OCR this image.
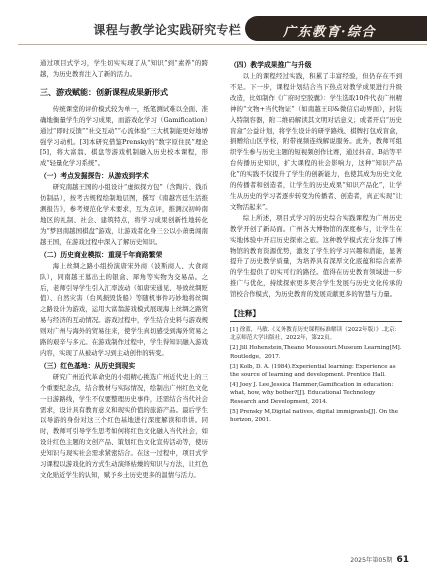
课程与教学论实践研究专栏	广东教育·综合

通过项目式学习，学生切实实现了从“知识”到“素养”的跨越，为历史教育注入了新的活力。

三、游戏赋能：创新课程成果新形式

传统课堂的评价模式较为单一，纸笔测试难以全面、准确地衡量学生的学习成果，而游戏化学习（Gamification）通过“即时反馈”“社交互动”“心流体验”三大机制能更好地增强学习动机。[3]本研究借鉴Prensky的“数字原住民”理论[5]，将大富翁、棋盘等游戏机制融入历史校本课程，形成“轻量化学习系统”。

（一）考点发掘探告：从游戏到学术

研究南越王国的小组设计“虚拟探方包”（含陶片、钱币仿制品），按考古规程绘制地层图，撰写《南越宫廷生活推测报告》，参考规范化学术要求，互为点评，推测汉初岭南地区的礼制、社会、建筑特点，将学习成果创新性地转化为“梦回南越国棋盘”游戏，让游戏者化身三公以小萧勇闯南越王国，在游戏过程中深入了解历史知识。

（二）历史商业模拟：重现千年商路繁荣

海上丝绸之路小组扮演唐宋外商（波斯商人、大食商队），同南越王墓出土的银盒、犀角等实物为交易品。之后，老师引导学生引入汇率波动（如唐宋通见、导致丝绸贬值）、自然灾害（台风损毁货船）等随机事件巧妙地将丝绸之路设计为游戏，运用大富翁游戏模式展现海上丝绸之路贸易与经济的互动情况。游戏过程中，学生结合史料与游戏规则对广州与海外的贸易往来，使学生真切感受到海外贸易之路的艰辛与多元。在游戏制作过程中，学生得知识融入游戏内容，实现了从被动学习到主动创作的转变。

（三）红色基地：从历史到现实

研究广州近代革命史的小组精心挑选广州近代史上的三个重要纪念点，结合教材与实际情况，绘制出广州红色文化一日游路线，学生不仅要整理历史事件，还需结合当代社会需求，设计具有教育意义和现实价值的旅游产品。最后学生以导游的身份对这三个红色基地进行深度解读和串讲。同时，教师可引导学生思考如何将红色文化融入当代社会，如设计红色主题的文创产品、策划红色文化宣传活动等，使历史知识与现实社会需求紧密结合。在这一过程中，项目式学习课程以游戏化的方式生动演绎枯燥的知识与方法，让红色文化贴近学生的认知，赋予乡土历史更多的温情与活力。

（四）教学成果推广与升级

以上的课程经过实践，积累了丰富经验，但仍存在不到不足。下一步，课程计划结合当下热点对教学成果进行升级改造，比如制作《广府时空胶囊》：学生选取10件代表广州精神的“文物+当代物证”（如南越王印&微信启动界面），封装入特制容器，附二维码解读其文明对话意义；或者开启“历史盲盒”公益计划，将学生设计的研学路线、棋牌打包成盲盒，捐赠给山区学校，附带视频连线解说服务。此外，教师可组织学生参与历史主题的短视频创作比赛，通过抖音、B站等平台传播历史知识，扩大课程的社会影响力，这种“知识产品化”的实践不仅提升了学生的创新能力，也使其成为历史文化的传播者和创造者，让学生的历史成果“知识产品化”，让学生从历史的学习者逐步转变为传播者、创造者，真正实现“让文物活起来”。

综上所述，项目式学习的历史综合实践课程为广州历史教学开创了新局面。广州各大博物馆的深度参与，让学生在实地体验中开启历史探索之旅。这种教学模式充分发挥了博物馆的教育资源优势，激发了学生的学习兴趣和潜能，显著提升了历史教学质量，为培养具有深厚文化底蕴和综合素养的学生提供了切实可行的路径。值得在历史教育领域进一步推广与优化，持续探索更多契合学生发展与历史文化传承的馆校合作模式，为历史教育的发展贡献更多的智慧与力量。

【注释】
[1] 徐蓝，马敏.《义务教育历史课程标准解读（2022年版）》.北京：北京师范大学出版社，2022年，第22页。
[2] Jill Hohenstein,Theano Moussouri.Museum Learning[M]. Routledge，2017.
[3] Kolb, D. A. (1984).Experiential learning: Experience as the source of learning and development. Prentice Hall.
[4] Joey J. Lee,Jessica Hammer,Gamification in education: what, how, why bother?[J]. Educational Technology Research and Development, 2014.
[5] Prensky M,Digital natives, digital immigrants[J]. On the horizon, 2001.
2025年第05期 61
